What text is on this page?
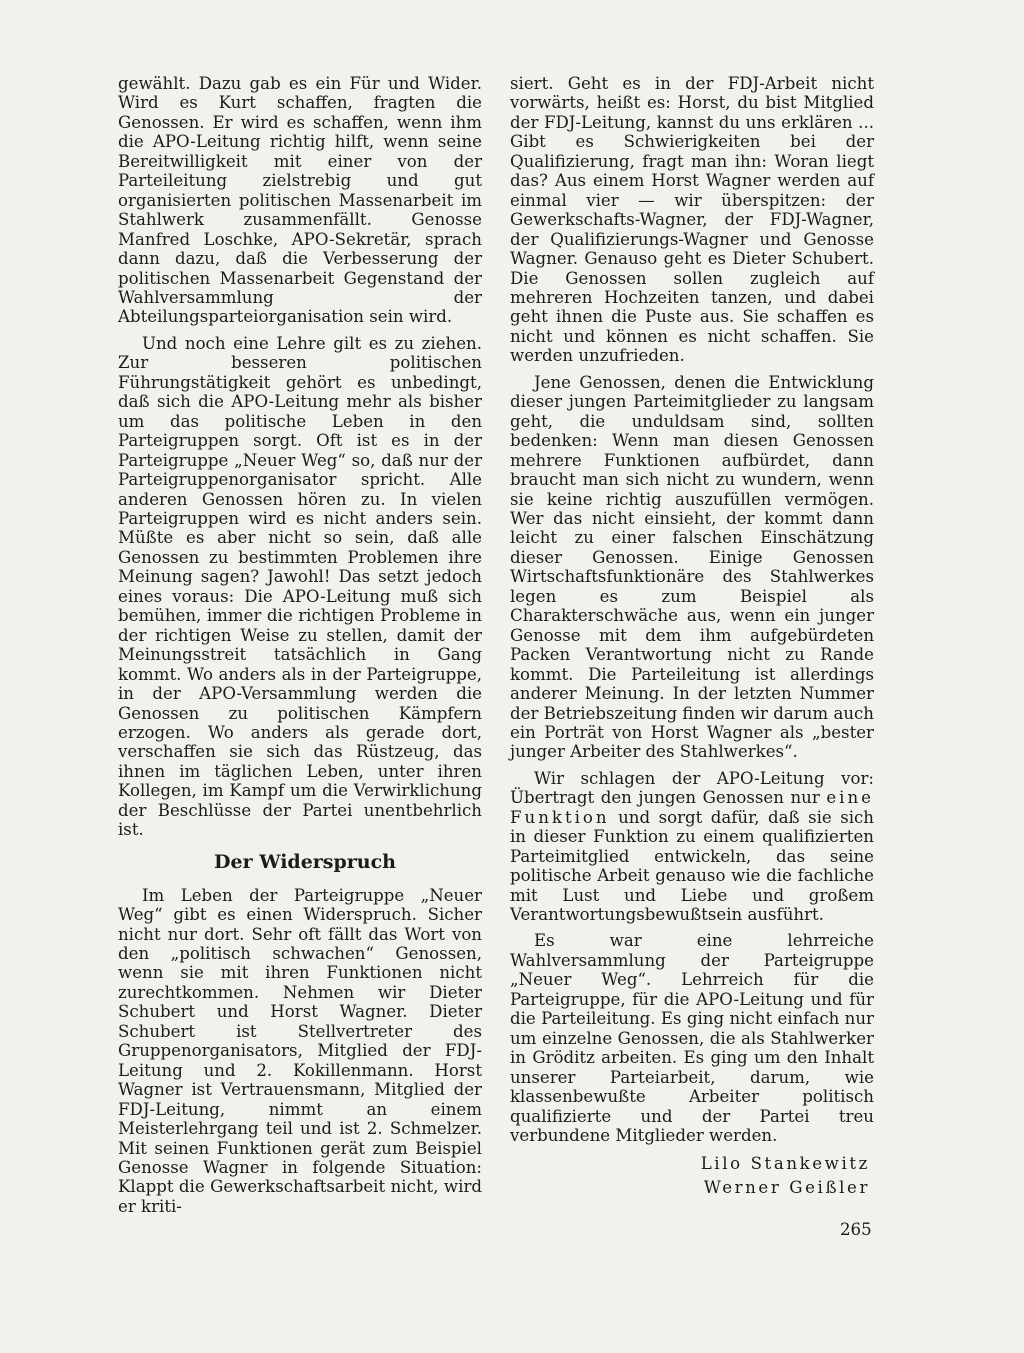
gewählt. Dazu gab es ein Für und Wider. Wird es Kurt schaffen, fragten die Genossen. Er wird es schaffen, wenn ihm die APO-Leitung richtig hilft, wenn seine Bereitwilligkeit mit einer von der Parteileitung zielstrebig und gut organisierten politischen Massenarbeit im Stahlwerk zusammenfällt. Genosse Manfred Loschke, APO-Sekretär, sprach dann dazu, daß die Verbesserung der politischen Massenarbeit Gegenstand der Wahlversammlung der Abteilungsparteiorganisation sein wird.

Und noch eine Lehre gilt es zu ziehen. Zur besseren politischen Führungstätigkeit gehört es unbedingt, daß sich die APO-Leitung mehr als bisher um das politische Leben in den Parteigruppen sorgt. Oft ist es in der Parteigruppe „Neuer Weg“ so, daß nur der Parteigruppenorganisator spricht. Alle anderen Genossen hören zu. In vielen Parteigruppen wird es nicht anders sein. Müßte es aber nicht so sein, daß alle Genossen zu bestimmten Problemen ihre Meinung sagen? Jawohl! Das setzt jedoch eines voraus: Die APO-Leitung muß sich bemühen, immer die richtigen Probleme in der richtigen Weise zu stellen, damit der Meinungsstreit tatsächlich in Gang kommt. Wo anders als in der Parteigruppe, in der APO-Versammlung werden die Genossen zu politischen Kämpfern erzogen. Wo anders als gerade dort, verschaffen sie sich das Rüstzeug, das ihnen im täglichen Leben, unter ihren Kollegen, im Kampf um die Verwirklichung der Beschlüsse der Partei unentbehrlich ist.

Der Widerspruch

Im Leben der Parteigruppe „Neuer Weg“ gibt es einen Widerspruch. Sicher nicht nur dort. Sehr oft fällt das Wort von den „politisch schwachen“ Genossen, wenn sie mit ihren Funktionen nicht zurechtkommen. Nehmen wir Dieter Schubert und Horst Wagner. Dieter Schubert ist Stellvertreter des Gruppenorganisators, Mitglied der FDJ-Leitung und 2. Kokillenmann. Horst Wagner ist Vertrauensmann, Mitglied der FDJ-Leitung, nimmt an einem Meisterlehrgang teil und ist 2. Schmelzer. Mit seinen Funktionen gerät zum Beispiel Genosse Wagner in folgende Situation: Klappt die Gewerkschaftsarbeit nicht, wird er kriti-

siert. Geht es in der FDJ-Arbeit nicht vorwärts, heißt es: Horst, du bist Mitglied der FDJ-Leitung, kannst du uns erklären ... Gibt es Schwierigkeiten bei der Qualifizierung, fragt man ihn: Woran liegt das? Aus einem Horst Wagner werden auf einmal vier — wir überspitzen: der Gewerkschafts-Wagner, der FDJ-Wagner, der Qualifizierungs-Wagner und Genosse Wagner. Genauso geht es Dieter Schubert. Die Genossen sollen zugleich auf mehreren Hochzeiten tanzen, und dabei geht ihnen die Puste aus. Sie schaffen es nicht und können es nicht schaffen. Sie werden unzufrieden.

Jene Genossen, denen die Entwicklung dieser jungen Parteimitglieder zu langsam geht, die unduldsam sind, sollten bedenken: Wenn man diesen Genossen mehrere Funktionen aufbürdet, dann braucht man sich nicht zu wundern, wenn sie keine richtig auszufüllen vermögen. Wer das nicht einsieht, der kommt dann leicht zu einer falschen Einschätzung dieser Genossen. Einige Genossen Wirtschaftsfunktionäre des Stahlwerkes legen es zum Beispiel als Charakterschwäche aus, wenn ein junger Genosse mit dem ihm aufgebürdeten Packen Verantwortung nicht zu Rande kommt. Die Parteileitung ist allerdings anderer Meinung. In der letzten Nummer der Betriebszeitung finden wir darum auch ein Porträt von Horst Wagner als „bester junger Arbeiter des Stahlwerkes“.

Wir schlagen der APO-Leitung vor: Übertragt den jungen Genossen nur eine Funktion und sorgt dafür, daß sie sich in dieser Funktion zu einem qualifizierten Parteimitglied entwickeln, das seine politische Arbeit genauso wie die fachliche mit Lust und Liebe und großem Verantwortungsbewußtsein ausführt.

Es war eine lehrreiche Wahlversammlung der Parteigruppe „Neuer Weg“. Lehrreich für die Parteigruppe, für die APO-Leitung und für die Parteileitung. Es ging nicht einfach nur um einzelne Genossen, die als Stahlwerker in Gröditz arbeiten. Es ging um den Inhalt unserer Parteiarbeit, darum, wie klassenbewußte Arbeiter politisch qualifizierte und der Partei treu verbundene Mitglieder werden.

Lilo Stankewitz
Werner Geißler
265
